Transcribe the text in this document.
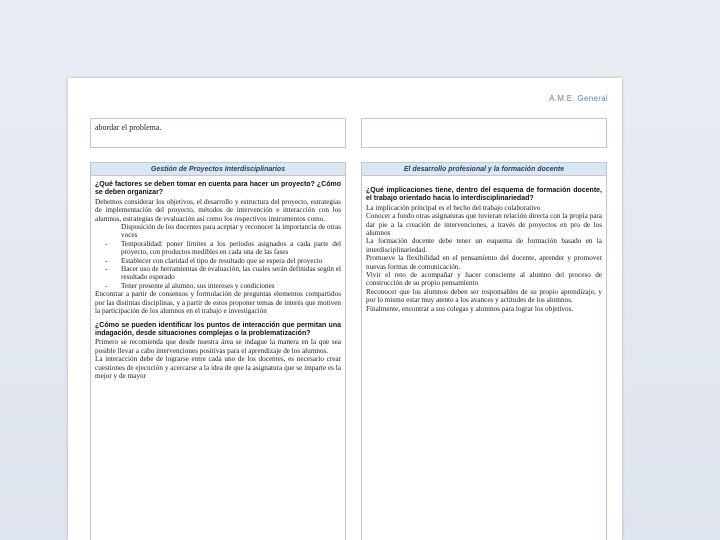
A.M.E. General
abordar el problema.
Gestión de Proyectos Interdisciplinarios

¿Qué factores se deben tomar en cuenta para hacer un proyecto? ¿Cómo se deben organizar?

Debemos considerar los objetivos, el desarrollo y estructura del proyecto, estrategias de implementación del proyecto, métodos de intervención e interacción con los alumnos, estrategias de evaluación así como los respectivos instrumentos como.

Disposición de los docentes para aceptar y reconocer la importancia de otras voces
- Temporalidad: poner límites a los periodos asignados a cada parte del proyecto, con productos medibles en cada una de las fases
- Establecer con claridad el tipo de resultado que se espera del proyecto
- Hacer uso de herramientas de evaluación, las cuales serán definidas según el resultado esperado
- Tener presente al alumno, sus intereses y condiciones

Encontrar a partir de consensos y formulación de preguntas elementos compartidos por las distintas disciplinas, y a partir de estos proponer temas de interés que motiven la participación de los alumnos en el trabajo e investigación

¿Cómo se pueden identificar los puntos de interacción que permitan una indagación, desde situaciones complejas o la problematización?

Primero se recomienda que desde nuestra área se indague la manera en la que sea posible llevar a cabo intervenciones positivas para el aprendizaje de los alumnos.

La interacción debe de lograrse entre cada uno de los docentes, es necesario crear cuestiones de ejecución y acercarse a la idea de que la asignatura que se imparte es la mejor y de mayor

El desarrollo profesional y la formación docente

¿Qué implicaciones tiene, dentro del esquema de formación docente, el trabajo orientado hacia lo interdisciplinariedad?

La implicación principal es el hecho del trabajo colaborativo

Conocer a fondo otras asignaturas que tuvieran relación directa con la propia para dar pie a la creación de intervenciones, a través de proyectos en pro de los alumnos

La formación docente debe tener un esquema de formación basado en la interdisciplinariedad.

Promueve la flexibilidad en el pensamiento del docente, aprender y promover nuevas formas de comunicación.

Vivir el reto de acompañar y hacer consciente al alumno del proceso de construcción de su propio pensamiento

Reconocer que los alumnos deben ser responsables de su propio aprendizaje, y por lo mismo estar muy atento a los avances y actitudes de los alumnos.

Finalmente, encontrar a sus colegas y alumnos para lograr los objetivos.
